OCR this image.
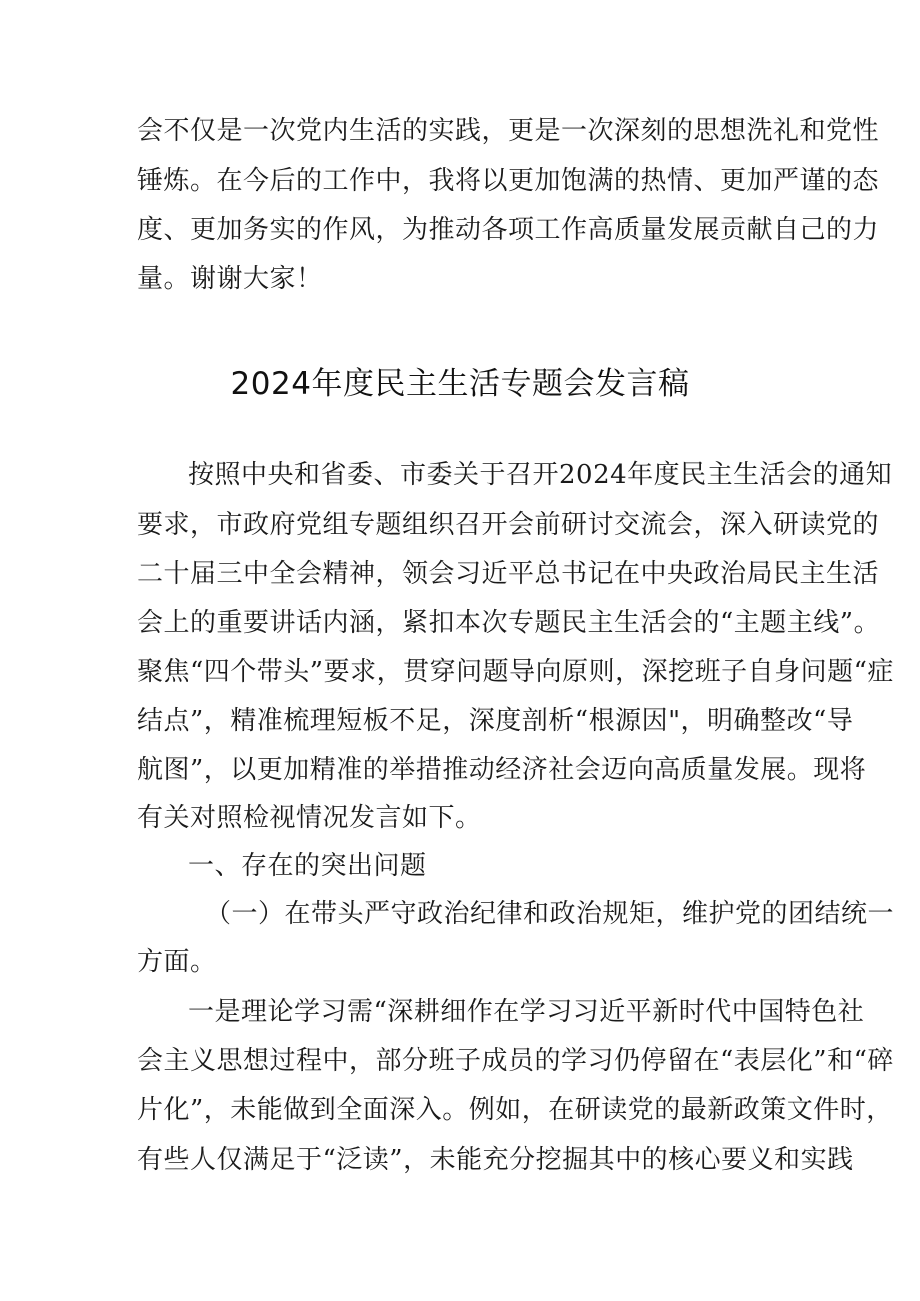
会不仅是一次党内生活的实践，更是一次深刻的思想洗礼和党性
锤炼。在今后的工作中，我将以更加饱满的热情、更加严谨的态
度、更加务实的作风，为推动各项工作高质量发展贡献自己的力
量。谢谢大家！
2024年度民主生活专题会发言稿
按照中央和省委、市委关于召开2024年度民主生活会的通知
要求，市政府党组专题组织召开会前研讨交流会，深入研读党的
二十届三中全会精神，领会习近平总书记在中央政治局民主生活
会上的重要讲话内涵，紧扣本次专题民主生活会的“主题主线”。
聚焦“四个带头”要求，贯穿问题导向原则，深挖班子自身问题“症
结点”，精准梳理短板不足，深度剖析“根源因"，明确整改“导
航图”，以更加精准的举措推动经济社会迈向高质量发展。现将
有关对照检视情况发言如下。
一、存在的突出问题
（一）在带头严守政治纪律和政治规矩，维护党的团结统一
方面。
一是理论学习需“深耕细作在学习习近平新时代中国特色社
会主义思想过程中，部分班子成员的学习仍停留在“表层化”和“碎
片化”，未能做到全面深入。例如，在研读党的最新政策文件时，
有些人仅满足于“泛读”，未能充分挖掘其中的核心要义和实践
